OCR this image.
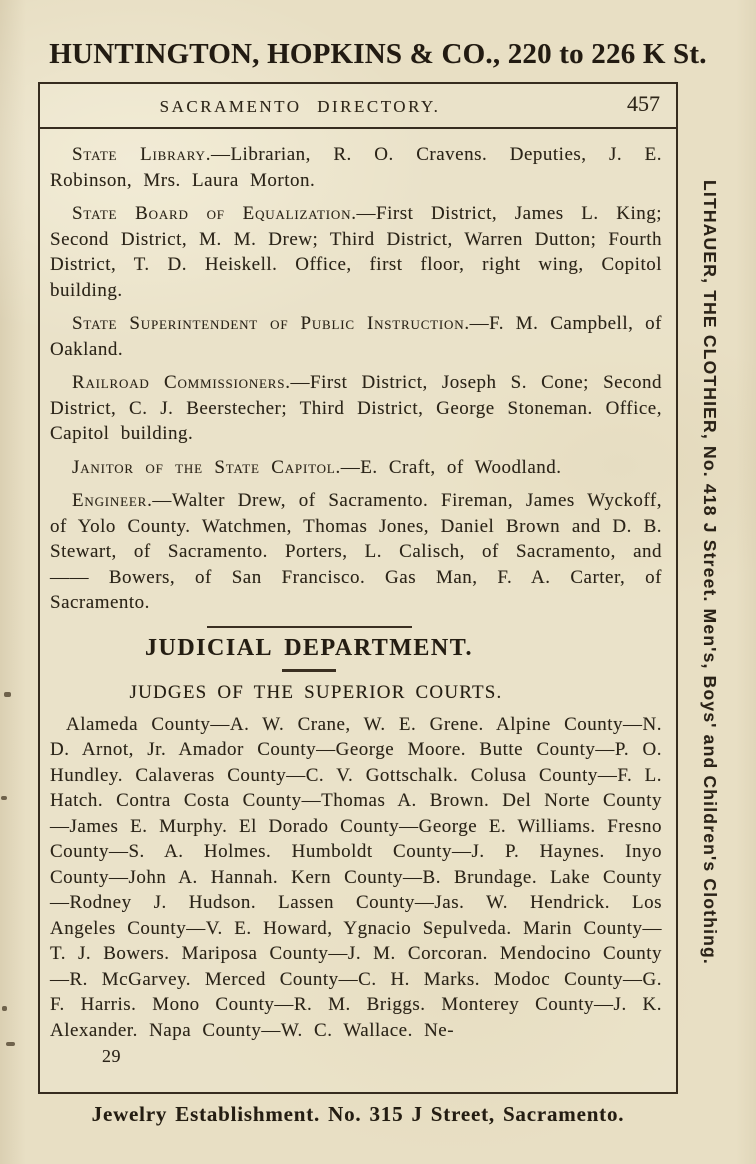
HUNTINGTON, HOPKINS & CO., 220 to 226 K St.
SACRAMENTO DIRECTORY.	457

State Library.—Librarian, R. O. Cravens. Deputies, J. E. Robinson, Mrs. Laura Morton.

State Board of Equalization.—First District, James L. King; Second District, M. M. Drew; Third District, Warren Dutton; Fourth District, T. D. Heiskell. Office, first floor, right wing, Copitol building.

State Superintendent of Public Instruction.—F. M. Campbell, of Oakland.

Railroad Commissioners.—First District, Joseph S. Cone; Second District, C. J. Beerstecher; Third District, George Stoneman. Office, Capitol building.

Janitor of the State Capitol.—E. Craft, of Woodland.

Engineer.—Walter Drew, of Sacramento. Fireman, James Wyckoff, of Yolo County. Watchmen, Thomas Jones, Daniel Brown and D. B. Stewart, of Sacramento. Porters, L. Calisch, of Sacramento, and —— Bowers, of San Francisco. Gas Man, F. A. Carter, of Sacramento.

JUDICIAL DEPARTMENT.
JUDGES OF THE SUPERIOR COURTS.

Alameda County—A. W. Crane, W. E. Grene. Alpine County—N. D. Arnot, Jr. Amador County—George Moore. Butte County—P. O. Hundley. Calaveras County—C. V. Gottschalk. Colusa County—F. L. Hatch. Contra Costa County—Thomas A. Brown. Del Norte County—James E. Murphy. El Dorado County—George E. Williams. Fresno County—S. A. Holmes. Humboldt County—J. P. Haynes. Inyo County—John A. Hannah. Kern County—B. Brundage. Lake County—Rodney J. Hudson. Lassen County—Jas. W. Hendrick. Los Angeles County—V. E. Howard, Ygnacio Sepulveda. Marin County—T. J. Bowers. Mariposa County—J. M. Corcoran. Mendocino County—R. McGarvey. Merced County—C. H. Marks. Modoc County—G. F. Harris. Mono County—R. M. Briggs. Monterey County—J. K. Alexander. Napa County—W. C. Wallace. Ne-

29
LITHAUER, THE CLOTHIER, No. 418 J Street. Men's, Boys' and Children's Clothing.
Jewelry Establishment. No. 315 J Street, Sacramento.
